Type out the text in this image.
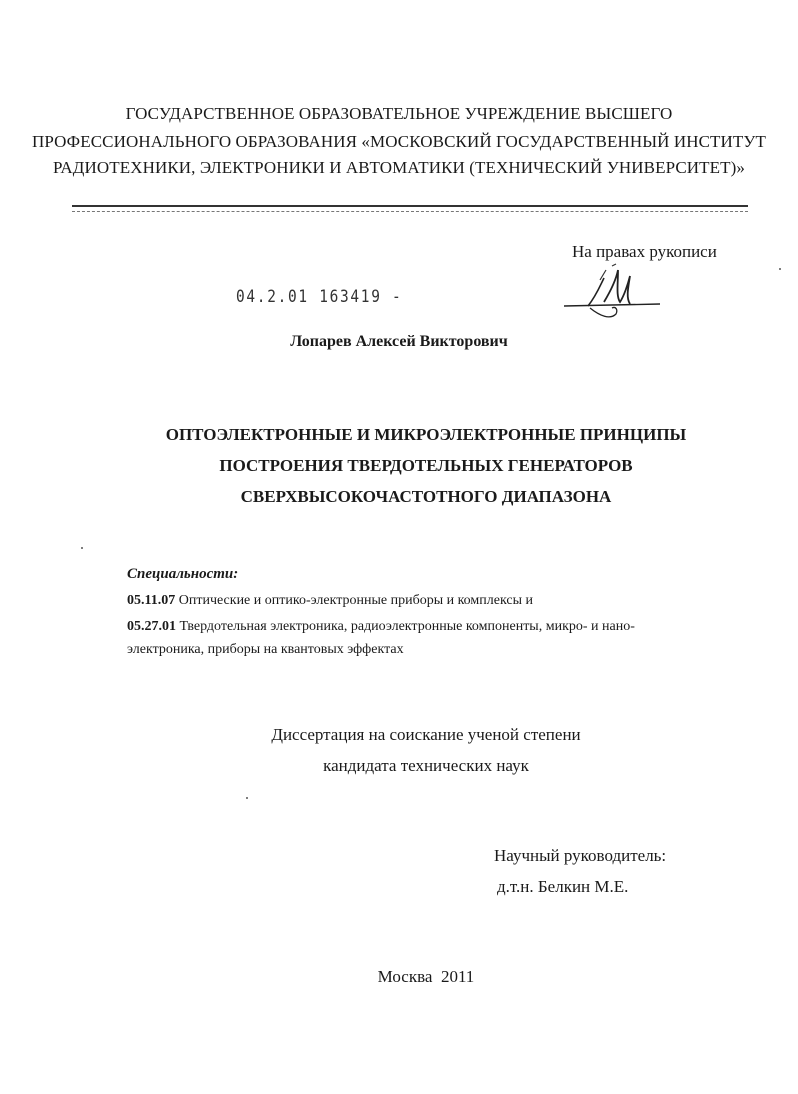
ГОСУДАРСТВЕННОЕ ОБРАЗОВАТЕЛЬНОЕ УЧРЕЖДЕНИЕ ВЫСШЕГО
ПРОФЕССИОНАЛЬНОГО ОБРАЗОВАНИЯ «МОСКОВСКИЙ ГОСУДАРСТВЕННЫЙ ИНСТИТУТ
РАДИОТЕХНИКИ, ЭЛЕКТРОНИКИ И АВТОМАТИКИ (ТЕХНИЧЕСКИЙ УНИВЕРСИТЕТ)»
На правах рукописи
04.2.01 163419 -
Лопарев Алексей Викторович
ОПТОЭЛЕКТРОННЫЕ И МИКРОЭЛЕКТРОННЫЕ ПРИНЦИПЫ
ПОСТРОЕНИЯ ТВЕРДОТЕЛЬНЫХ ГЕНЕРАТОРОВ
СВЕРХВЫСОКОЧАСТОТНОГО ДИАПАЗОНА
Специальности:
05.11.07 Оптические и оптико-электронные приборы и комплексы и
05.27.01 Твердотельная электроника, радиоэлектронные компоненты, микро- и нано-
электроника, приборы на квантовых эффектах
Диссертация на соискание ученой степени
кандидата технических наук
Научный руководитель:
д.т.н. Белкин М.Е.
Москва  2011
